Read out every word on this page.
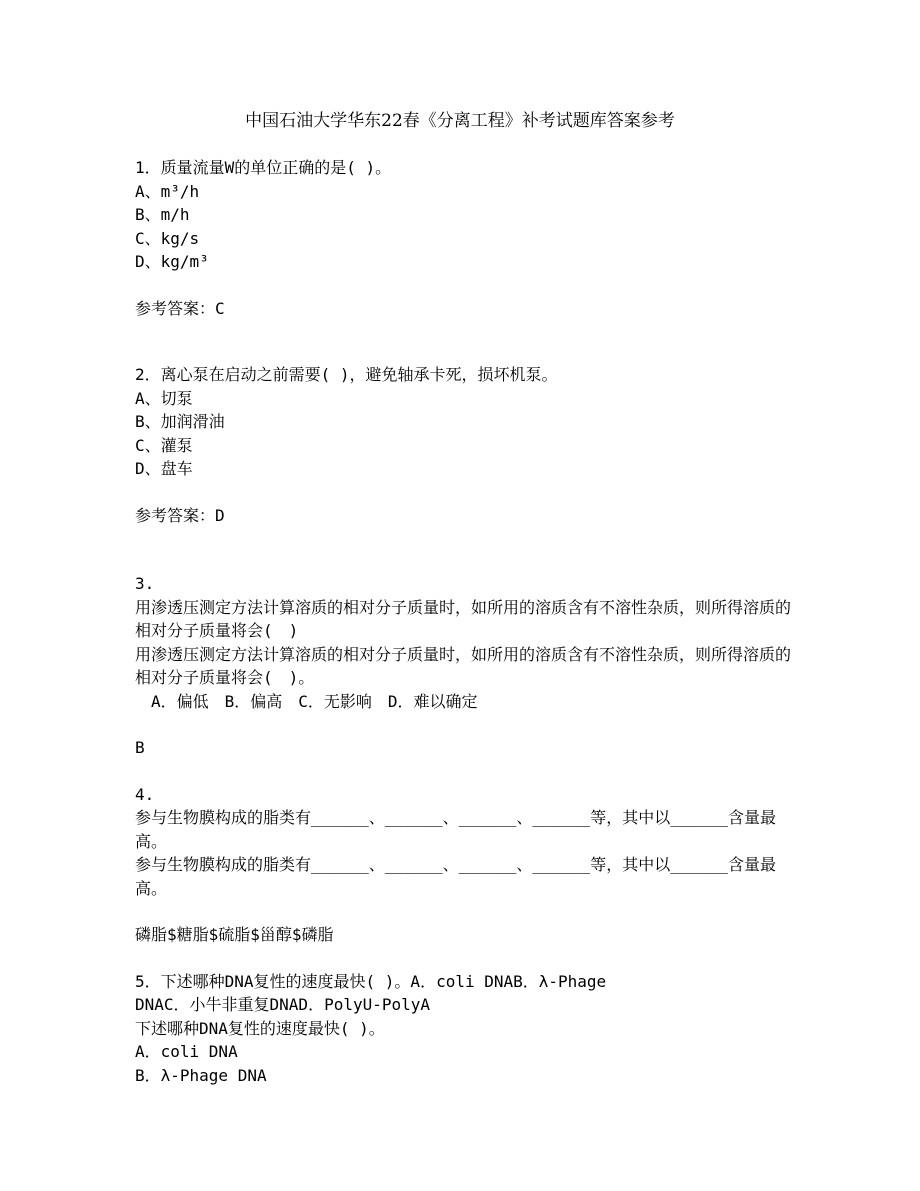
中国石油大学华东22春《分离工程》补考试题库答案参考
1．质量流量W的单位正确的是( )。
A、m³/h
B、m/h
C、kg/s
D、kg/m³
参考答案：C
2．离心泵在启动之前需要( )，避免轴承卡死，损坏机泵。
A、切泵
B、加润滑油
C、灌泵
D、盘车
参考答案：D
3.
用渗透压测定方法计算溶质的相对分子质量时，如所用的溶质含有不溶性杂质，则所得溶质的相对分子质量将会(　)
用渗透压测定方法计算溶质的相对分子质量时，如所用的溶质含有不溶性杂质，则所得溶质的相对分子质量将会(　)。
　A．偏低　B．偏高　C．无影响　D．难以确定
B
4.
参与生物膜构成的脂类有______、______、______、______等，其中以______含量最高。
参与生物膜构成的脂类有______、______、______、______等，其中以______含量最高。
磷脂$糖脂$硫脂$甾醇$磷脂
5．下述哪种DNA复性的速度最快( )。A．coli DNAB．λ-Phage
DNAC．小牛非重复DNAD．PolyU-PolyA
下述哪种DNA复性的速度最快( )。
A．coli DNA
B．λ-Phage DNA
